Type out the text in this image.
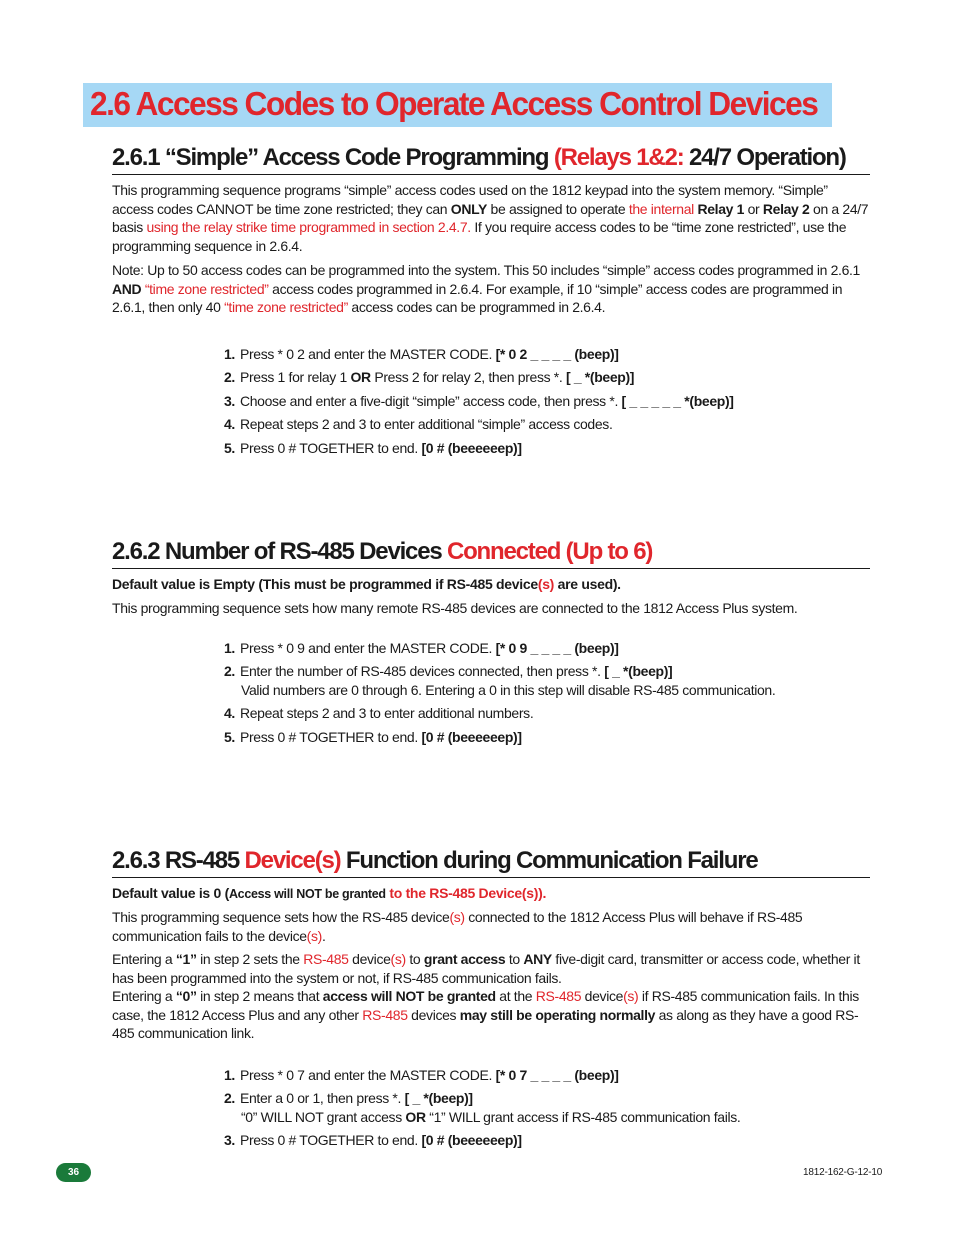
2.6 Access Codes to Operate Access Control Devices
2.6.1 “Simple” Access Code Programming (Relays 1&2: 24/7 Operation)

This programming sequence programs “simple” access codes used on the 1812 keypad into the system memory. “Simple” access codes CANNOT be time zone restricted; they can ONLY be assigned to operate the internal Relay 1 or Relay 2 on a 24/7 basis using the relay strike time programmed in section 2.4.7. If you require access codes to be “time zone restricted”, use the programming sequence in 2.6.4.

Note: Up to 50 access codes can be programmed into the system. This 50 includes “simple” access codes programmed in 2.6.1 AND “time zone restricted” access codes programmed in 2.6.4. For example, if 10 “simple” access codes are programmed in 2.6.1, then only 40 “time zone restricted” access codes can be programmed in 2.6.4.

1. Press * 0 2 and enter the MASTER CODE. [* 0 2 _ _ _ _ (beep)]
2. Press 1 for relay 1 OR Press 2 for relay 2, then press *. [ _ *(beep)]
3. Choose and enter a five-digit “simple” access code, then press *. [ _ _ _ _ _ *(beep)]
4. Repeat steps 2 and 3 to enter additional “simple” access codes.
5. Press 0 # TOGETHER to end. [0 # (beeeeeep)]
2.6.2 Number of RS-485 Devices Connected (Up to 6)

Default value is Empty (This must be programmed if RS-485 device(s) are used).

This programming sequence sets how many remote RS-485 devices are connected to the 1812 Access Plus system.

1. Press * 0 9 and enter the MASTER CODE. [* 0 9 _ _ _ _ (beep)]
2. Enter the number of RS-485 devices connected, then press *. [ _ *(beep)]
Valid numbers are 0 through 6. Entering a 0 in this step will disable RS-485 communication.
4. Repeat steps 2 and 3 to enter additional numbers.
5. Press 0 # TOGETHER to end. [0 # (beeeeeep)]
2.6.3 RS-485 Device(s) Function during Communication Failure

Default value is 0 (Access will NOT be granted to the RS-485 Device(s)).

This programming sequence sets how the RS-485 device(s) connected to the 1812 Access Plus will behave if RS-485 communication fails to the device(s).

Entering a “1” in step 2 sets the RS-485 device(s) to grant access to ANY five-digit card, transmitter or access code, whether it has been programmed into the system or not, if RS-485 communication fails.

Entering a “0” in step 2 means that access will NOT be granted at the RS-485 device(s) if RS-485 communication fails. In this case, the 1812 Access Plus and any other RS-485 devices may still be operating normally as along as they have a good RS-485 communication link.

1. Press * 0 7 and enter the MASTER CODE. [* 0 7 _ _ _ _ (beep)]
2. Enter a 0 or 1, then press *. [ _ *(beep)]
“0” WILL NOT grant access OR “1” WILL grant access if RS-485 communication fails.
3. Press 0 # TOGETHER to end. [0 # (beeeeeep)]
36	1812-162-G-12-10
